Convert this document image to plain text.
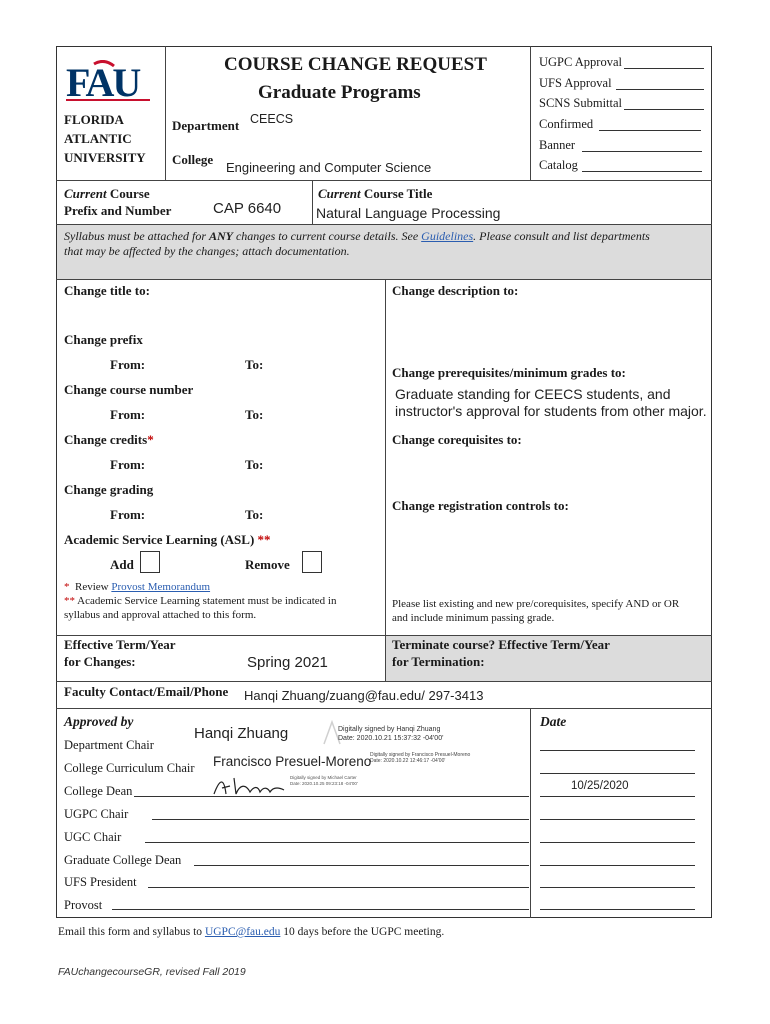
FAU
FLORIDA
ATLANTIC
UNIVERSITY
COURSE CHANGE REQUEST
Graduate Programs
Department CEECS
College
Engineering and Computer Science
UGPC Approval
UFS Approval
SCNS Submittal
Confirmed
Banner
Catalog
Current Course
Prefix and Number	CAP 6640
Current Course Title
Natural Language Processing
Syllabus must be attached for ANY changes to current course details. See Guidelines. Please consult and list departments
that may be affected by the changes; attach documentation.
Change title to:
Change prefix
From:	To:
Change course number
From:	To:
Change credits*
From:	To:
Change grading
From:	To:
Academic Service Learning (ASL) **
Add	Remove
* Review Provost Memorandum
** Academic Service Learning statement must be indicated in
syllabus and approval attached to this form.
Change description to:
Change prerequisites/minimum grades to:
Graduate standing for CEECS students, and
instructor's approval for students from other major.
Change corequisites to:
Change registration controls to:
Please list existing and new pre/corequisites, specify AND or OR
and include minimum passing grade.
Effective Term/Year
for Changes:	Spring 2021
Terminate course? Effective Term/Year
for Termination:
Faculty Contact/Email/Phone Hanqi Zhuang/zuang@fau.edu/ 297-3413
Approved by	Date
Department Chair
Hanqi Zhuang	Digitally signed by Hanqi Zhuang
Date: 2020.10.21 15:37:32 -04'00'
College Curriculum Chair Francisco Presuel-Moreno
Digitally signed by Francisco Presuel-Moreno
Date: 2020.10.22 12:46:17 -04'00'
College Dean
Digitally signed by Michael Carter
Date: 2020.10.25 09:23:18 -04'00'	10/25/2020
UGPC Chair
UGC Chair
Graduate College Dean
UFS President
Provost
Email this form and syllabus to UGPC@fau.edu 10 days before the UGPC meeting.
FAUchangecourseGR, revised Fall 2019
